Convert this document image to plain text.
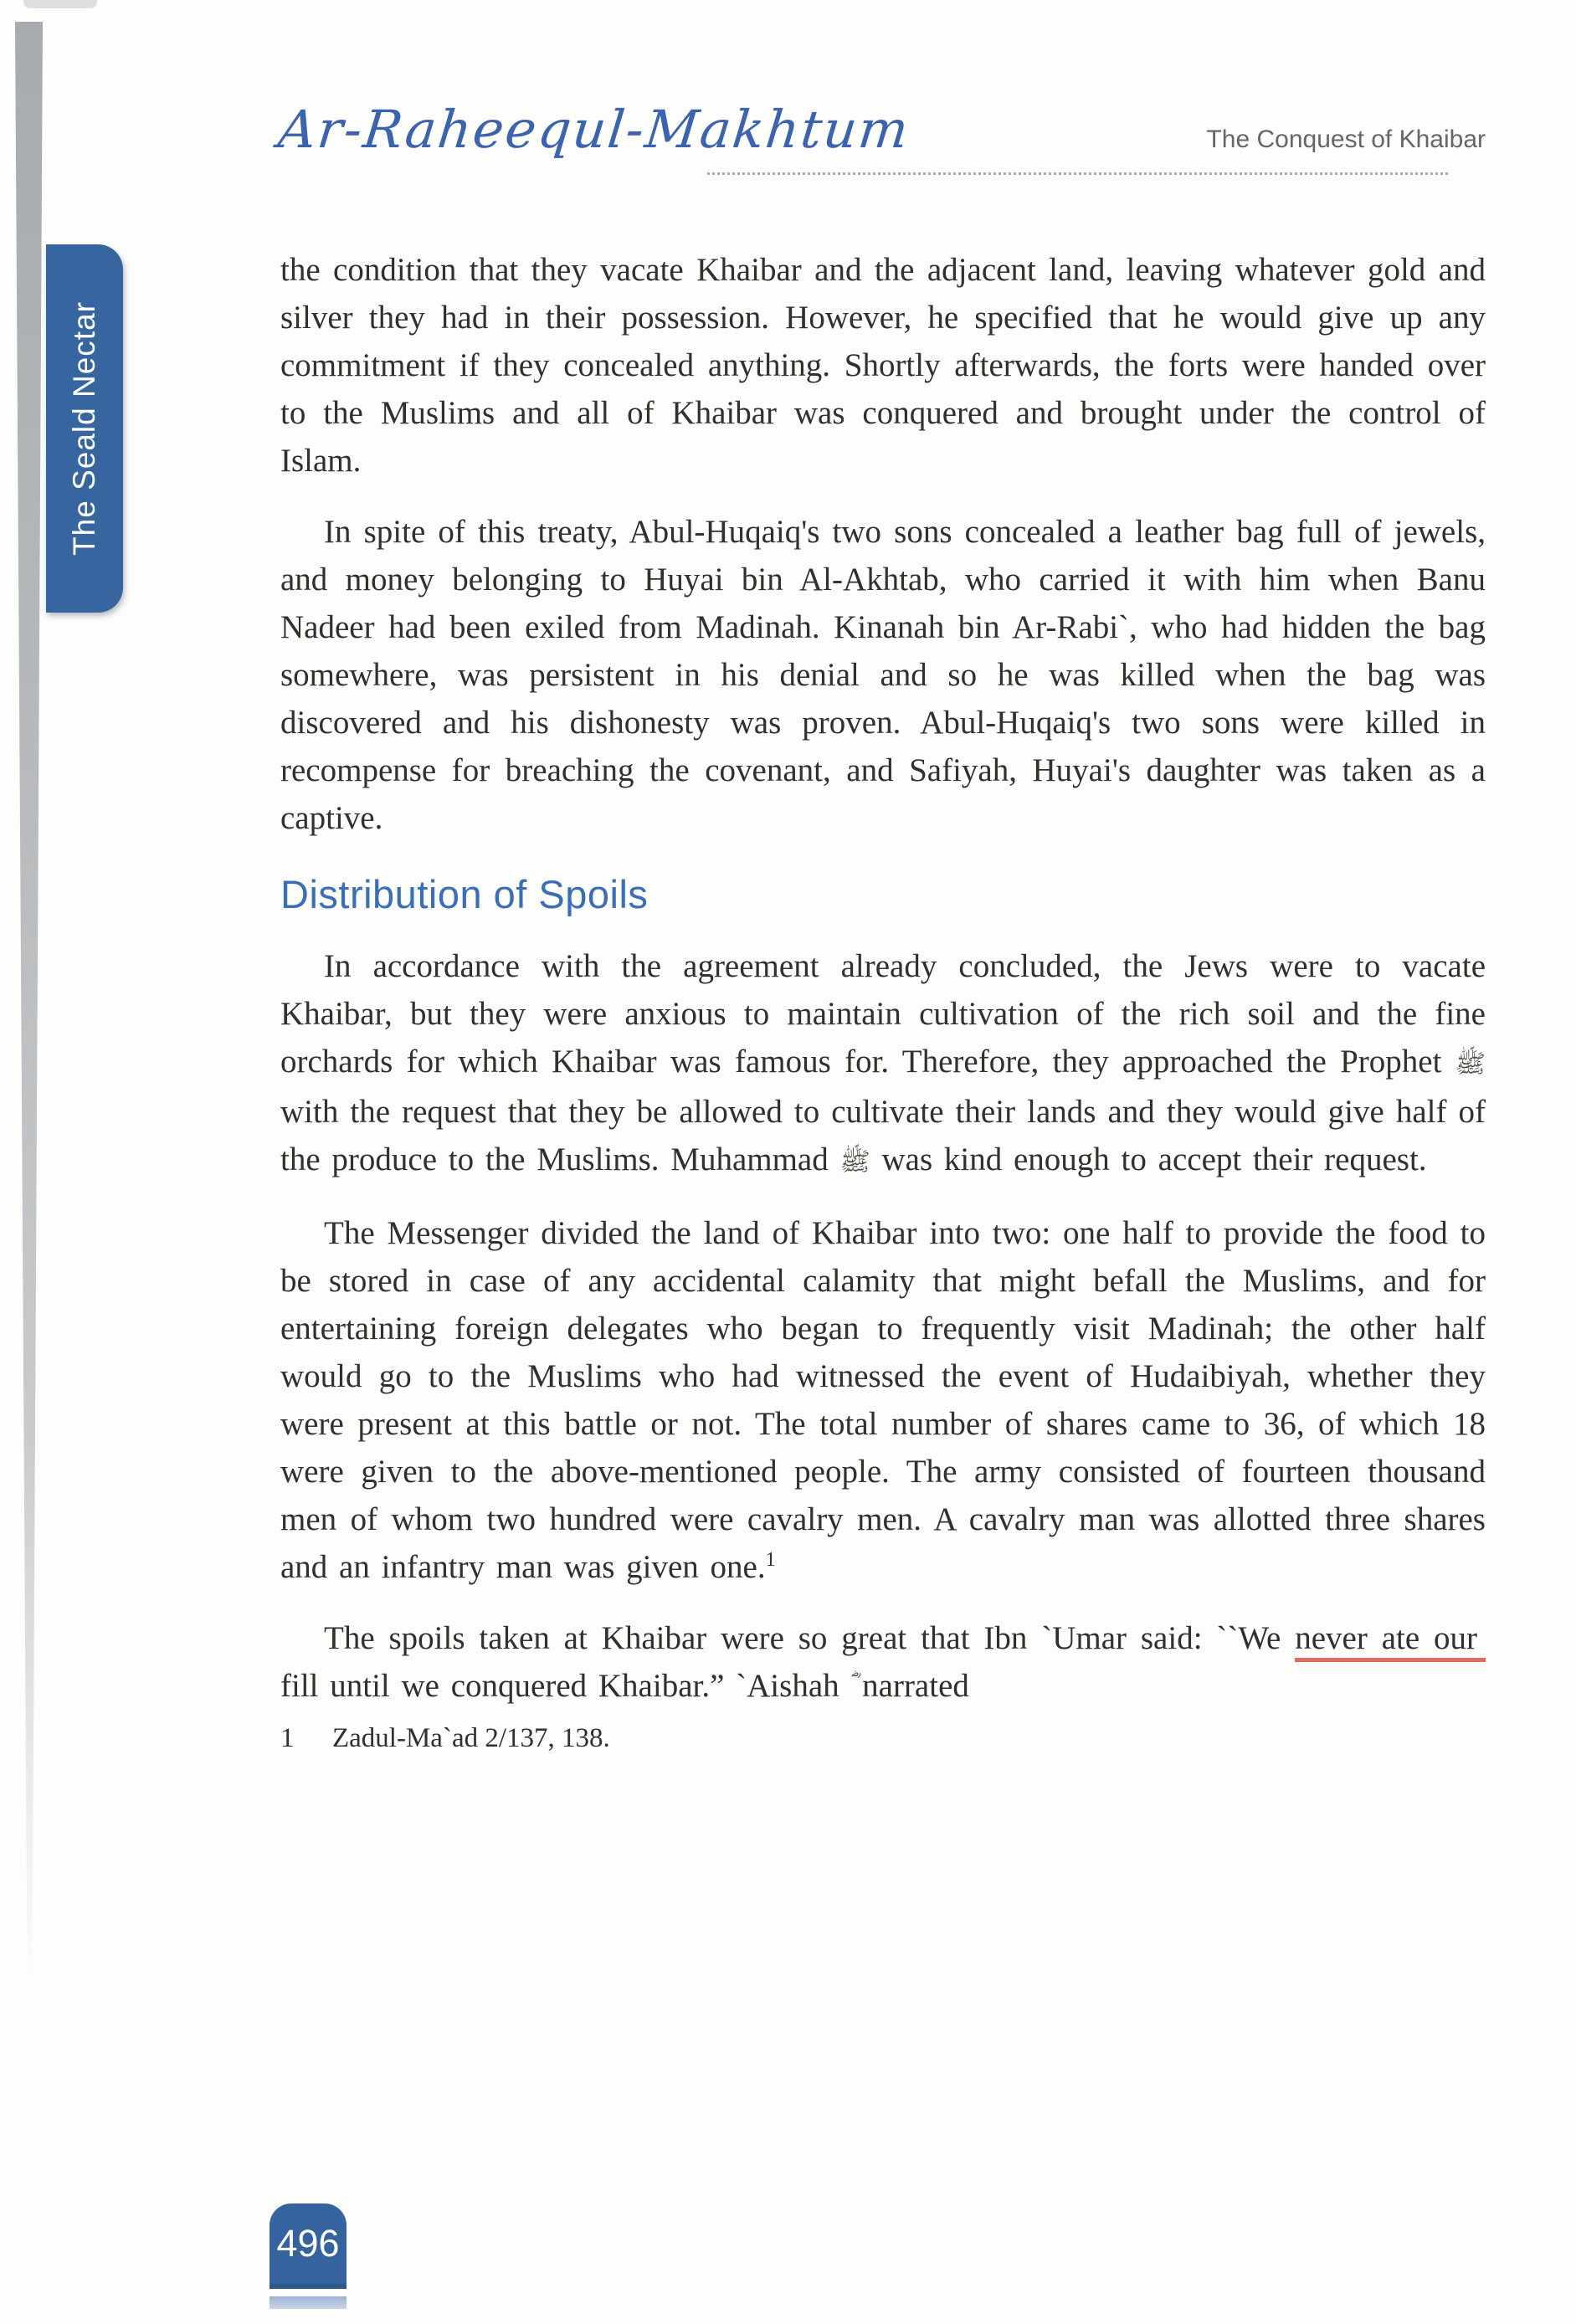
Ar-Raheequl-Makhtum	The Conquest of Khaibar
The Seald Nectar

the condition that they vacate Khaibar and the adjacent land, leaving whatever gold and silver they had in their possession. However, he specified that he would give up any commitment if they concealed anything. Shortly afterwards, the forts were handed over to the Muslims and all of Khaibar was conquered and brought under the control of Islam.

In spite of this treaty, Abul-Huqaiq's two sons concealed a leather bag full of jewels, and money belonging to Huyai bin Al-Akhtab, who carried it with him when Banu Nadeer had been exiled from Madinah. Kinanah bin Ar-Rabi`, who had hidden the bag somewhere, was persistent in his denial and so he was killed when the bag was discovered and his dishonesty was proven. Abul-Huqaiq's two sons were killed in recompense for breaching the covenant, and Safiyah, Huyai's daughter was taken as a captive.

Distribution of Spoils

In accordance with the agreement already concluded, the Jews were to vacate Khaibar, but they were anxious to maintain cultivation of the rich soil and the fine orchards for which Khaibar was famous for. Therefore, they approached the Prophet ﷺ with the request that they be allowed to cultivate their lands and they would give half of the produce to the Muslims. Muhammad ﷺ was kind enough to accept their request.

The Messenger divided the land of Khaibar into two: one half to provide the food to be stored in case of any accidental calamity that might befall the Muslims, and for entertaining foreign delegates who began to frequently visit Madinah; the other half would go to the Muslims who had witnessed the event of Hudaibiyah, whether they were present at this battle or not. The total number of shares came to 36, of which 18 were given to the above-mentioned people. The army consisted of fourteen thousand men of whom two hundred were cavalry men. A cavalry man was allotted three shares and an infantry man was given one.$^1$

The spoils taken at Khaibar were so great that Ibn `Umar said: ``We never ate our fill until we conquered Khaibar.” `Aishah narrated

1 Zadul-Ma`ad 2/137, 138.
496
